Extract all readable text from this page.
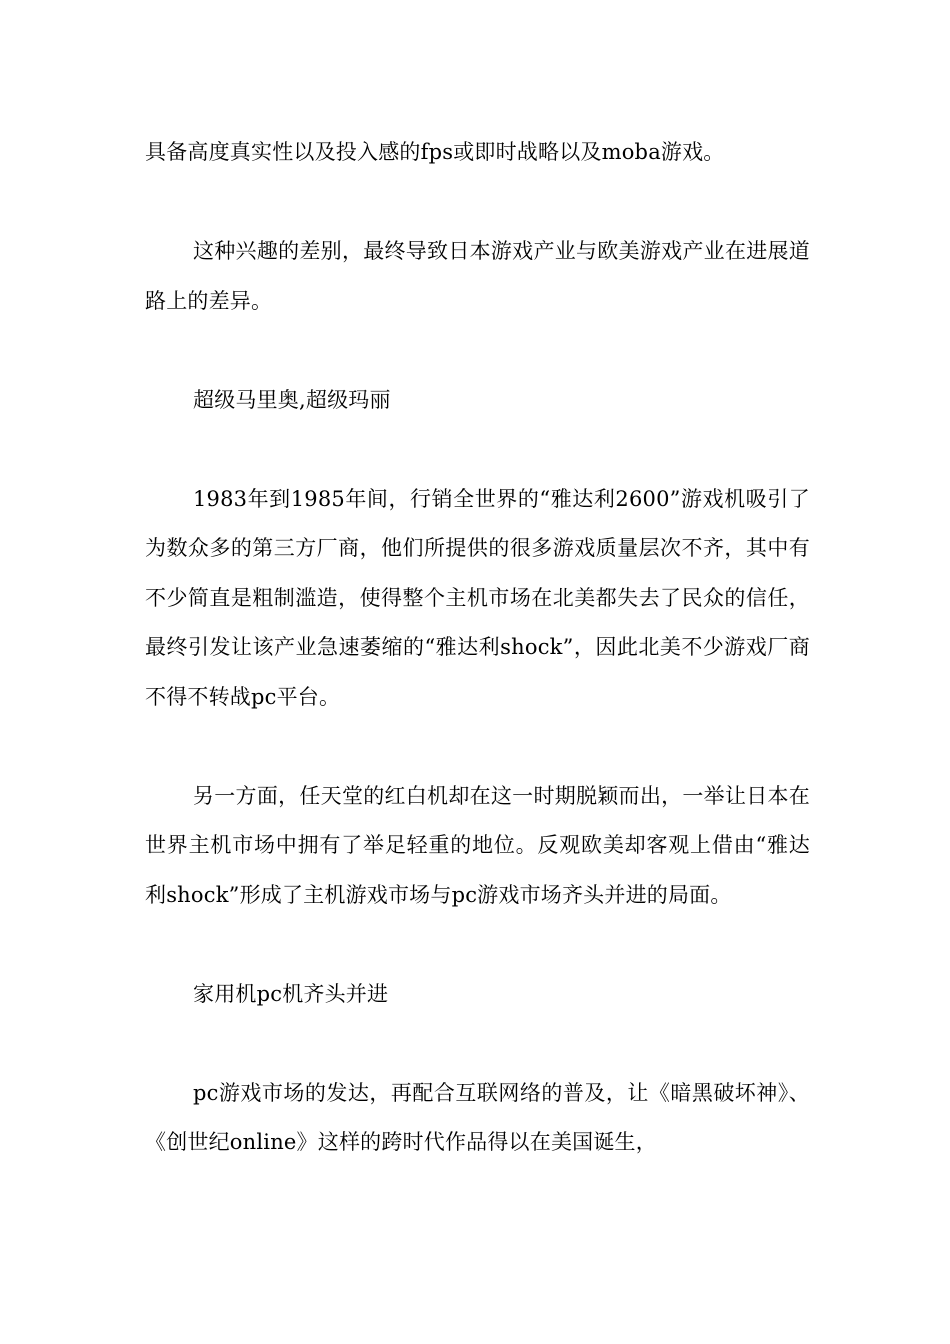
具备高度真实性以及投入感的fps或即时战略以及moba游戏。

这种兴趣的差别，最终导致日本游戏产业与欧美游戏产业在进展道路上的差异。

超级马里奥,超级玛丽

1983年到1985年间，行销全世界的“雅达利2600”游戏机吸引了为数众多的第三方厂商，他们所提供的很多游戏质量层次不齐，其中有不少简直是粗制滥造，使得整个主机市场在北美都失去了民众的信任，最终引发让该产业急速萎缩的“雅达利shock”，因此北美不少游戏厂商不得不转战pc平台。

另一方面，任天堂的红白机却在这一时期脱颖而出，一举让日本在世界主机市场中拥有了举足轻重的地位。反观欧美却客观上借由“雅达利shock”形成了主机游戏市场与pc游戏市场齐头并进的局面。

家用机pc机齐头并进

pc游戏市场的发达，再配合互联网络的普及，让《暗黑破坏神》、《创世纪online》这样的跨时代作品得以在美国诞生，
